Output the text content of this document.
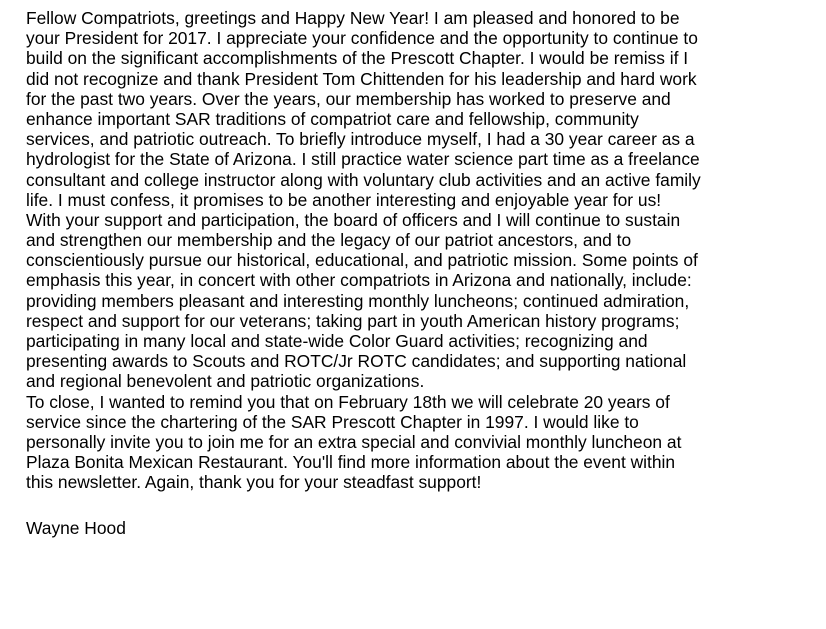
Fellow Compatriots, greetings and Happy New Year! I am pleased and honored to be
your President for 2017. I appreciate your confidence and the opportunity to continue to
build on the significant accomplishments of the Prescott Chapter. I would be remiss if I
did not recognize and thank President Tom Chittenden for his leadership and hard work
for the past two years. Over the years, our membership has worked to preserve and
enhance important SAR traditions of compatriot care and fellowship, community
services, and patriotic outreach. To briefly introduce myself, I had a 30 year career as a
hydrologist for the State of Arizona. I still practice water science part time as a freelance
consultant and college instructor along with voluntary club activities and an active family
life. I must confess, it promises to be another interesting and enjoyable year for us!
With your support and participation, the board of officers and I will continue to sustain
and strengthen our membership and the legacy of our patriot ancestors, and to
conscientiously pursue our historical, educational, and patriotic mission. Some points of
emphasis this year, in concert with other compatriots in Arizona and nationally, include:
providing members pleasant and interesting monthly luncheons; continued admiration,
respect and support for our veterans; taking part in youth American history programs;
participating in many local and state-wide Color Guard activities; recognizing and
presenting awards to Scouts and ROTC/Jr ROTC candidates; and supporting national
and regional benevolent and patriotic organizations.
To close, I wanted to remind you that on February 18th we will celebrate 20 years of
service since the chartering of the SAR Prescott Chapter in 1997. I would like to
personally invite you to join me for an extra special and convivial monthly luncheon at
Plaza Bonita Mexican Restaurant. You'll find more information about the event within
this newsletter. Again, thank you for your steadfast support!
Wayne Hood
